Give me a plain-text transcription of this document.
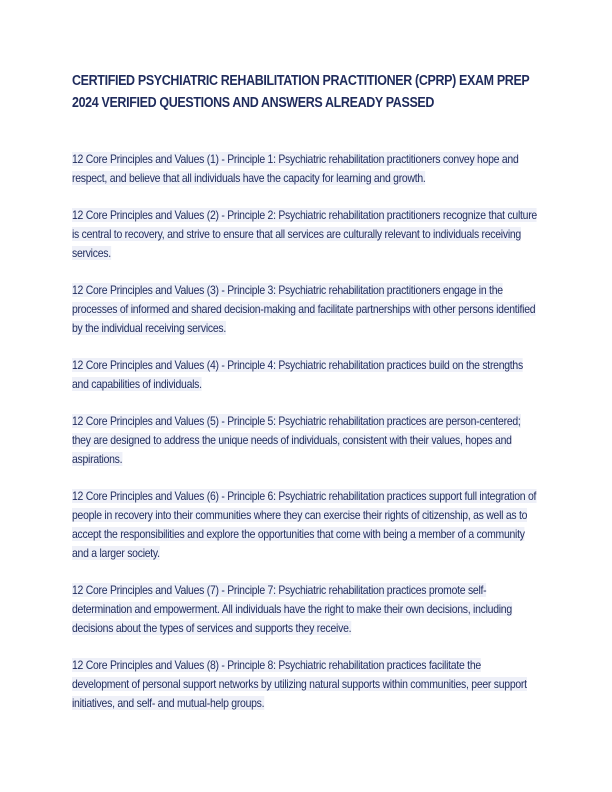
CERTIFIED PSYCHIATRIC REHABILITATION PRACTITIONER (CPRP) EXAM PREP 2024 VERIFIED QUESTIONS AND ANSWERS ALREADY PASSED

12 Core Principles and Values (1) - Principle 1: Psychiatric rehabilitation practitioners convey hope and respect, and believe that all individuals have the capacity for learning and growth.

12 Core Principles and Values (2) - Principle 2: Psychiatric rehabilitation practitioners recognize that culture is central to recovery, and strive to ensure that all services are culturally relevant to individuals receiving services.

12 Core Principles and Values (3) - Principle 3: Psychiatric rehabilitation practitioners engage in the processes of informed and shared decision-making and facilitate partnerships with other persons identified by the individual receiving services.

12 Core Principles and Values (4) - Principle 4: Psychiatric rehabilitation practices build on the strengths and capabilities of individuals.

12 Core Principles and Values (5) - Principle 5: Psychiatric rehabilitation practices are person-centered; they are designed to address the unique needs of individuals, consistent with their values, hopes and aspirations.

12 Core Principles and Values (6) - Principle 6: Psychiatric rehabilitation practices support full integration of people in recovery into their communities where they can exercise their rights of citizenship, as well as to accept the responsibilities and explore the opportunities that come with being a member of a community and a larger society.

12 Core Principles and Values (7) - Principle 7: Psychiatric rehabilitation practices promote self-determination and empowerment. All individuals have the right to make their own decisions, including decisions about the types of services and supports they receive.

12 Core Principles and Values (8) - Principle 8: Psychiatric rehabilitation practices facilitate the development of personal support networks by utilizing natural supports within communities, peer support initiatives, and self- and mutual-help groups.
